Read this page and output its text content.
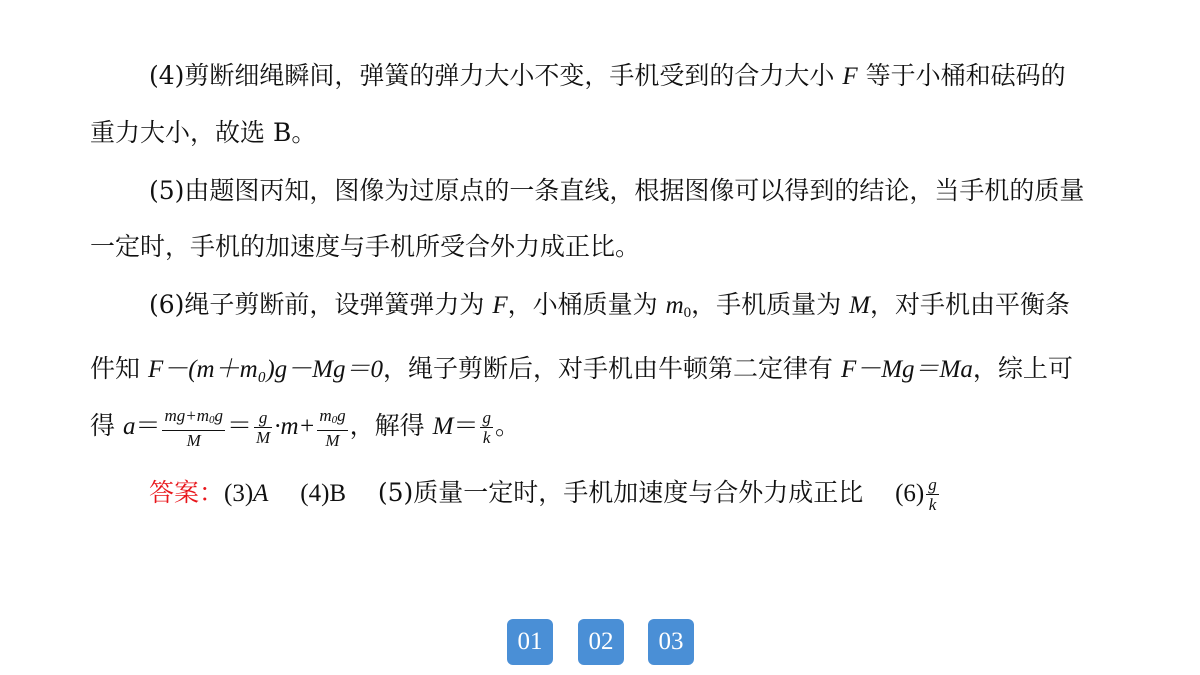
(4)剪断细绳瞬间，弹簧的弹力大小不变，手机受到的合力大小 F 等于小桶和砝码的重力大小，故选 B。

(5)由题图丙知，图像为过原点的一条直线，根据图像可以得到的结论，当手机的质量一定时，手机的加速度与手机所受合外力成正比。

(6)绳子剪断前，设弹簧弹力为 F，小桶质量为 $m_0$，手机质量为 M，对手机由平衡条件知 F－(m＋m₀)g－Mg＝0，绳子剪断后，对手机由牛顿第二定律有 F－Mg＝Ma，综上可得 $a= \frac{mg+m_0g}{M} = \frac{g}{M} \cdot m+ \frac{m_0g}{M}$ ，解得 $M= \frac{g}{k}$ 。

答案：(3)A (4)B (5)质量一定时，手机加速度与合外力成正比 $(6) \frac{g}{k}$

01	02	03
